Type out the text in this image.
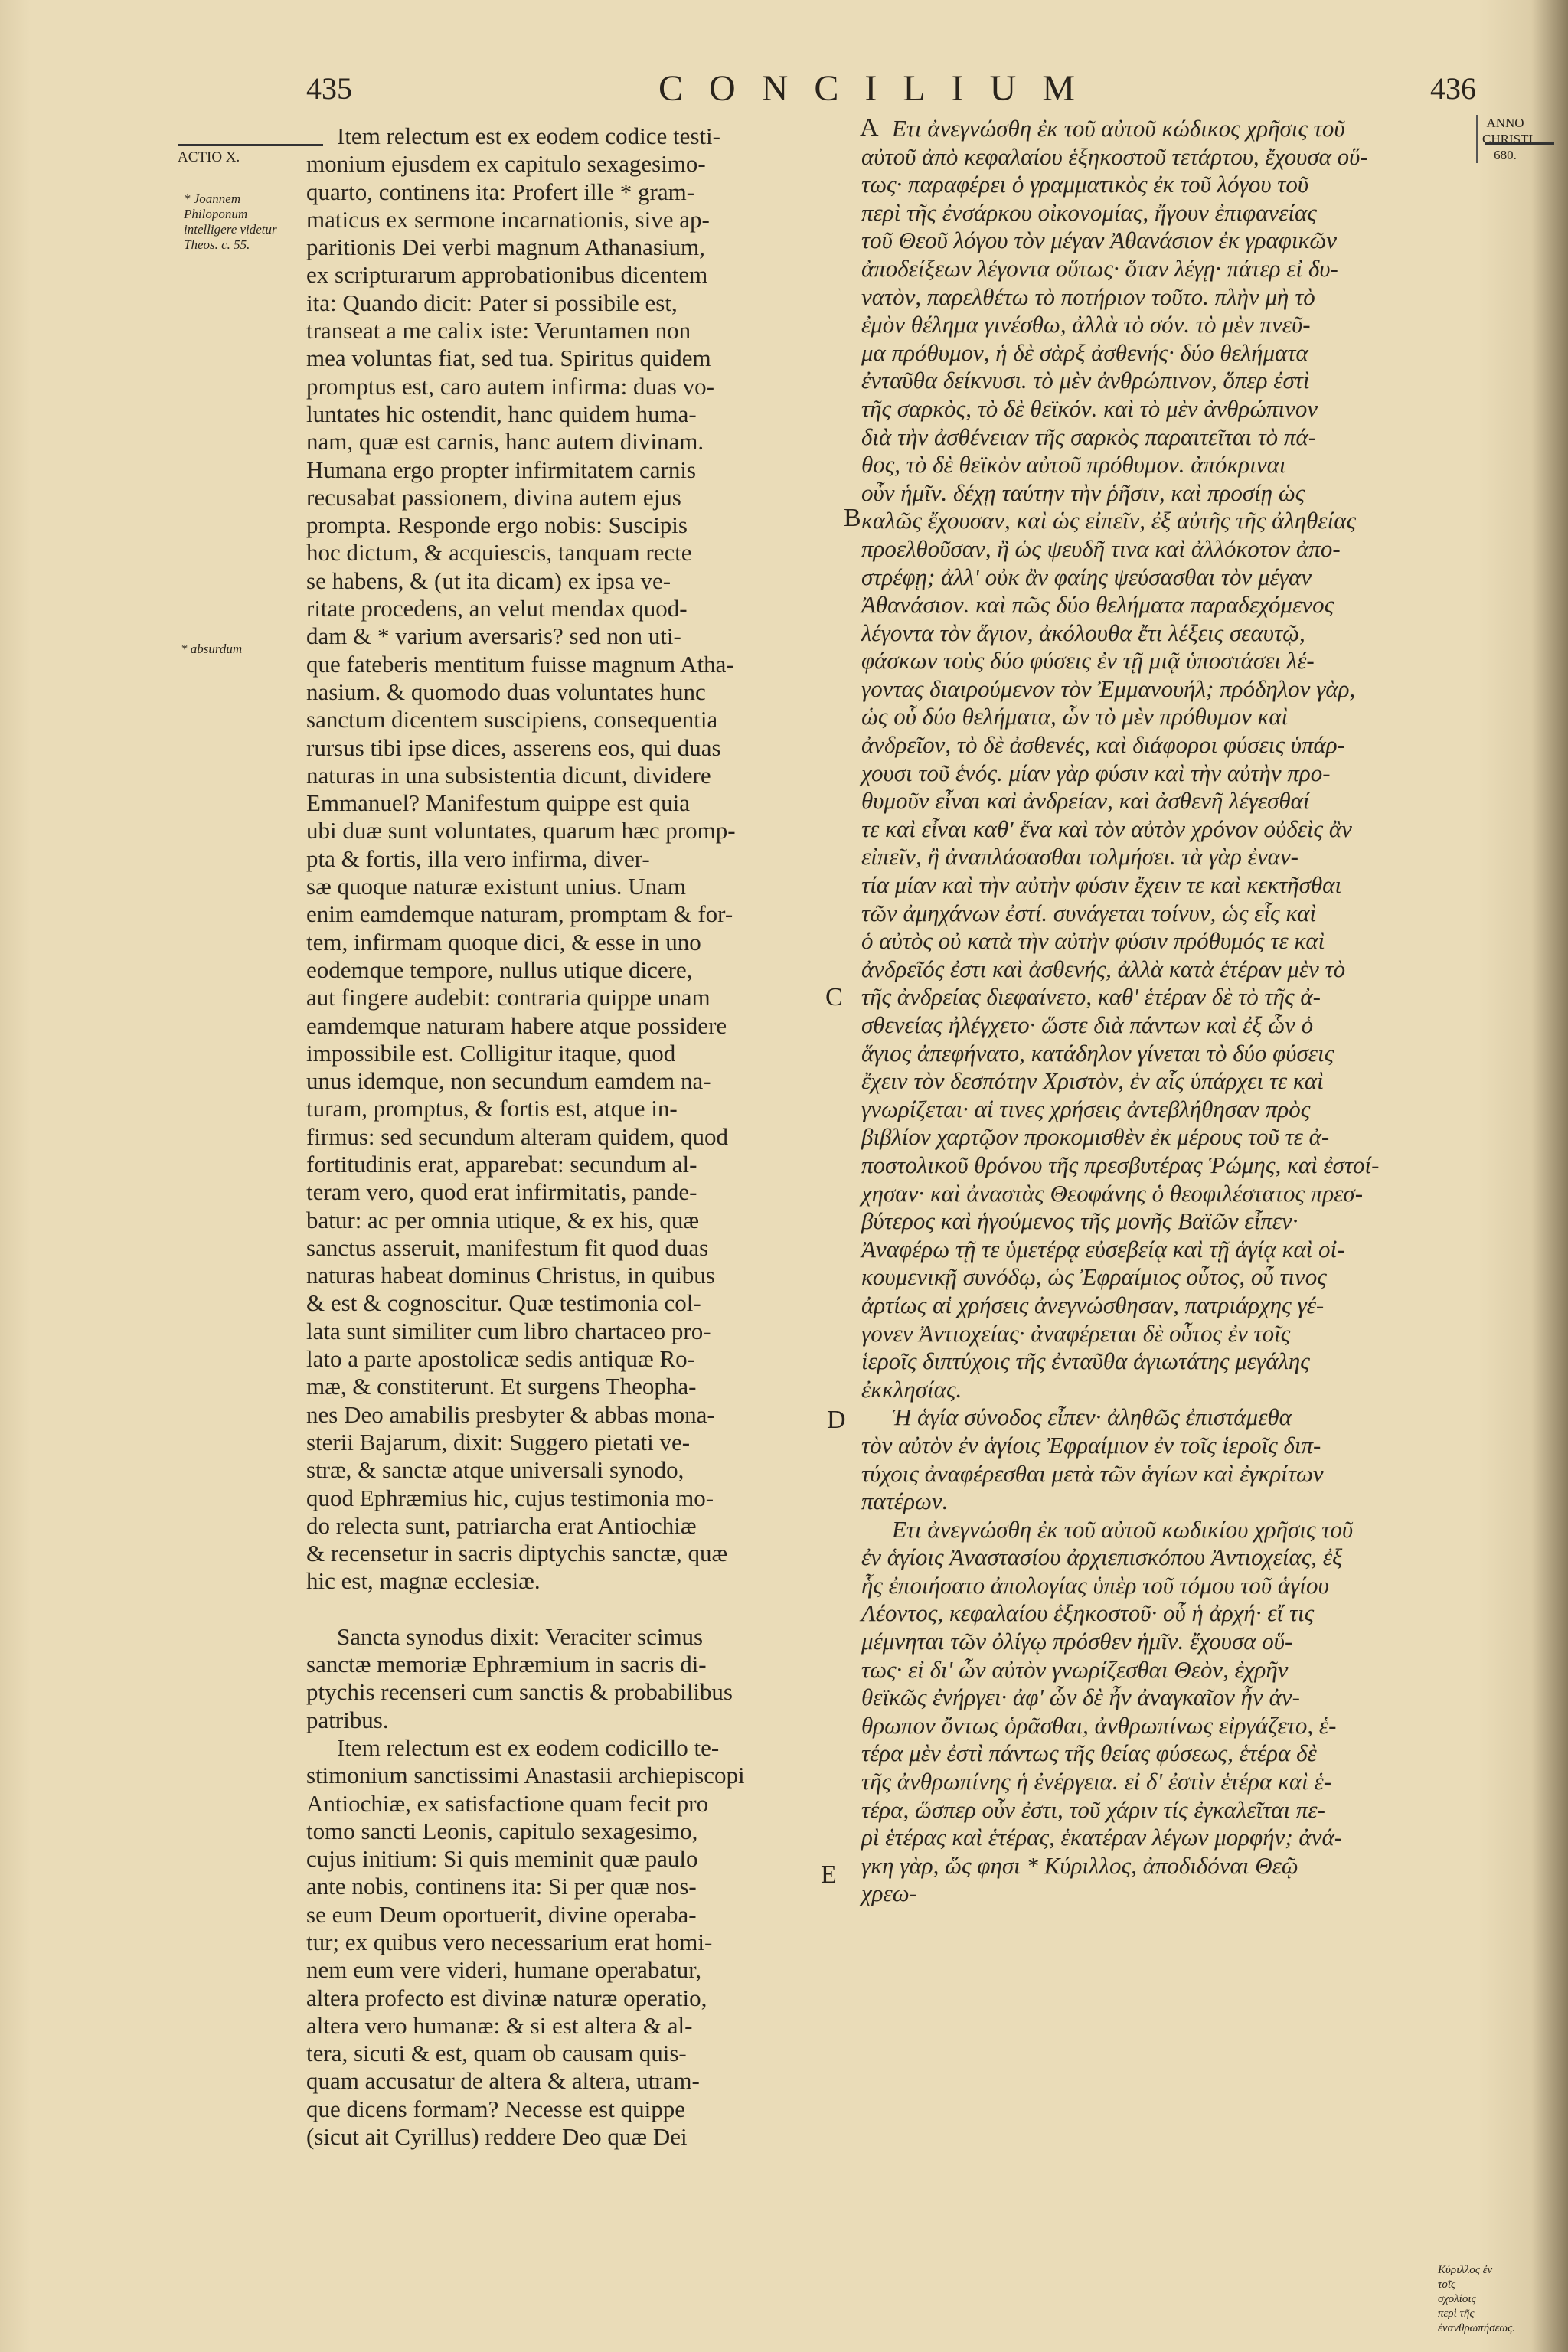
435	CONCILIUM	436
ANNO CHRISTI 680.
ACTIO X.
* Joannem Philoponum intelligere videtur Theos. c. 55.
* absurdum
Κύριλλος ἐν τοῖς σχολίοις περὶ τῆς ἐνανθρωπήσεως.
A
B
C
D
E

Item relectum est ex eodem codice testi-

monium ejusdem ex capitulo sexagesimo-

quarto, continens ita: Profert ille * gram-

maticus ex sermone incarnationis, sive ap-

paritionis Dei verbi magnum Athanasium,

ex scripturarum approbationibus dicentem

ita: Quando dicit: Pater si possibile est,

transeat a me calix iste: Veruntamen non

mea voluntas fiat, sed tua. Spiritus quidem

promptus est, caro autem infirma: duas vo-

luntates hic ostendit, hanc quidem huma-

nam, quæ est carnis, hanc autem divinam.

Humana ergo propter infirmitatem carnis

recusabat passionem, divina autem ejus

prompta. Responde ergo nobis: Suscipis

hoc dictum, & acquiescis, tanquam recte

se habens, & (ut ita dicam) ex ipsa ve-

ritate procedens, an velut mendax quod-

dam & * varium aversaris? sed non uti-

que fateberis mentitum fuisse magnum Atha-

nasium. & quomodo duas voluntates hunc

sanctum dicentem suscipiens, consequentia

rursus tibi ipse dices, asserens eos, qui duas

naturas in una subsistentia dicunt, dividere

Emmanuel? Manifestum quippe est quia

ubi duæ sunt voluntates, quarum hæc promp-

pta & fortis, illa vero infirma, diver-

sæ quoque naturæ existunt unius. Unam

enim eamdemque naturam, promptam & for-

tem, infirmam quoque dici, & esse in uno

eodemque tempore, nullus utique dicere,

aut fingere audebit: contraria quippe unam

eamdemque naturam habere atque possidere

impossibile est. Colligitur itaque, quod

unus idemque, non secundum eamdem na-

turam, promptus, & fortis est, atque in-

firmus: sed secundum alteram quidem, quod

fortitudinis erat, apparebat: secundum al-

teram vero, quod erat infirmitatis, pande-

batur: ac per omnia utique, & ex his, quæ

sanctus asseruit, manifestum fit quod duas

naturas habeat dominus Christus, in quibus

& est & cognoscitur. Quæ testimonia col-

lata sunt similiter cum libro chartaceo pro-

lato a parte apostolicæ sedis antiquæ Ro-

mæ, & constiterunt. Et surgens Theopha-

nes Deo amabilis presbyter & abbas mona-

sterii Bajarum, dixit: Suggero pietati ve-

stræ, & sanctæ atque universali synodo,

quod Ephræmius hic, cujus testimonia mo-

do relecta sunt, patriarcha erat Antiochiæ

& recensetur in sacris diptychis sanctæ, quæ

hic est, magnæ ecclesiæ.

Sancta synodus dixit: Veraciter scimus

sanctæ memoriæ Ephræmium in sacris di-

ptychis recenseri cum sanctis & probabilibus

patribus.

Item relectum est ex eodem codicillo te-

stimonium sanctissimi Anastasii archiepiscopi

Antiochiæ, ex satisfactione quam fecit pro

tomo sancti Leonis, capitulo sexagesimo,

cujus initium: Si quis meminit quæ paulo

ante nobis, continens ita: Si per quæ nos-

se eum Deum oportuerit, divine operaba-

tur; ex quibus vero necessarium erat homi-

nem eum vere videri, humane operabatur,

altera profecto est divinæ naturæ operatio,

altera vero humanæ: & si est altera & al-

tera, sicuti & est, quam ob causam quis-

quam accusatur de altera & altera, utram-

que dicens formam? Necesse est quippe

(sicut ait Cyrillus) reddere Deo quæ Dei

Ετι ἀνεγνώσθη ἐκ τοῦ αὐτοῦ κώδικος χρῆσις τοῦ

αὐτοῦ ἀπὸ κεφαλαίου ἑξηκοστοῦ τετάρτου, ἔχουσα οὕ-

τως· παραφέρει ὁ γραμματικὸς ἐκ τοῦ λόγου τοῦ

περὶ τῆς ἐνσάρκου οἰκονομίας, ἤγουν ἐπιφανείας

τοῦ Θεοῦ λόγου τὸν μέγαν Ἀθανάσιον ἐκ γραφικῶν

ἀποδείξεων λέγοντα οὕτως· ὅταν λέγῃ· πάτερ εἰ δυ-

νατὸν, παρελθέτω τὸ ποτήριον τοῦτο. πλὴν μὴ τὸ

ἐμὸν θέλημα γινέσθω, ἀλλὰ τὸ σόν. τὸ μὲν πνεῦ-

μα πρόθυμον, ἡ δὲ σὰρξ ἀσθενής· δύο θελήματα

ἐνταῦθα δείκνυσι. τὸ μὲν ἀνθρώπινον, ὅπερ ἐστὶ

τῆς σαρκὸς, τὸ δὲ θεϊκόν. καὶ τὸ μὲν ἀνθρώπινον

διὰ τὴν ἀσθένειαν τῆς σαρκὸς παραιτεῖται τὸ πά-

θος, τὸ δὲ θεϊκὸν αὐτοῦ πρόθυμον. ἀπόκριναι

οὖν ἡμῖν. δέχῃ ταύτην τὴν ῥῆσιν, καὶ προσίῃ ὡς

καλῶς ἔχουσαν, καὶ ὡς εἰπεῖν, ἐξ αὐτῆς τῆς ἀληθείας

προελθοῦσαν, ἢ ὡς ψευδῆ τινα καὶ ἀλλόκοτον ἀπο-

στρέφῃ; ἀλλ' οὐκ ἂν φαίης ψεύσασθαι τὸν μέγαν

Ἀθανάσιον. καὶ πῶς δύο θελήματα παραδεχόμενος

λέγοντα τὸν ἅγιον, ἀκόλουθα ἔτι λέξεις σεαυτῷ,

φάσκων τοὺς δύο φύσεις ἐν τῇ μιᾷ ὑποστάσει λέ-

γοντας διαιρούμενον τὸν Ἐμμανουήλ; πρόδηλον γὰρ,

ὡς οὗ δύο θελήματα, ὧν τὸ μὲν πρόθυμον καὶ

ἀνδρεῖον, τὸ δὲ ἀσθενές, καὶ διάφοροι φύσεις ὑπάρ-

χουσι τοῦ ἑνός. μίαν γὰρ φύσιν καὶ τὴν αὐτὴν προ-

θυμοῦν εἶναι καὶ ἀνδρείαν, καὶ ἀσθενῆ λέγεσθαί

τε καὶ εἶναι καθ' ἕνα καὶ τὸν αὐτὸν χρόνον οὐδεὶς ἂν

εἰπεῖν, ἢ ἀναπλάσασθαι τολμήσει. τὰ γὰρ ἐναν-

τία μίαν καὶ τὴν αὐτὴν φύσιν ἔχειν τε καὶ κεκτῆσθαι

τῶν ἀμηχάνων ἐστί. συνάγεται τοίνυν, ὡς εἷς καὶ

ὁ αὐτὸς οὐ κατὰ τὴν αὐτὴν φύσιν πρόθυμός τε καὶ

ἀνδρεῖός ἐστι καὶ ἀσθενής, ἀλλὰ κατὰ ἑτέραν μὲν τὸ

τῆς ἀνδρείας διεφαίνετο, καθ' ἑτέραν δὲ τὸ τῆς ἀ-

σθενείας ἠλέγχετο· ὥστε διὰ πάντων καὶ ἐξ ὧν ὁ

ἅγιος ἀπεφήνατο, κατάδηλον γίνεται τὸ δύο φύσεις

ἔχειν τὸν δεσπότην Χριστὸν, ἐν αἷς ὑπάρχει τε καὶ

γνωρίζεται· αἱ τινες χρήσεις ἀντεβλήθησαν πρὸς

βιβλίον χαρτῷον προκομισθὲν ἐκ μέρους τοῦ τε ἀ-

ποστολικοῦ θρόνου τῆς πρεσβυτέρας Ῥώμης, καὶ ἐστοί-

χησαν· καὶ ἀναστὰς Θεοφάνης ὁ θεοφιλέστατος πρεσ-

βύτερος καὶ ἡγούμενος τῆς μονῆς Βαϊῶν εἶπεν·

Ἀναφέρω τῇ τε ὑμετέρᾳ εὐσεβείᾳ καὶ τῇ ἁγίᾳ καὶ οἰ-

κουμενικῇ συνόδῳ, ὡς Ἐφραίμιος οὗτος, οὗ τινος

ἀρτίως αἱ χρήσεις ἀνεγνώσθησαν, πατριάρχης γέ-

γονεν Ἀντιοχείας· ἀναφέρεται δὲ οὗτος ἐν τοῖς

ἱεροῖς διπτύχοις τῆς ἐνταῦθα ἁγιωτάτης μεγάλης

ἐκκλησίας.

Ἡ ἁγία σύνοδος εἶπεν· ἀληθῶς ἐπιστάμεθα

τὸν αὐτὸν ἐν ἁγίοις Ἐφραίμιον ἐν τοῖς ἱεροῖς διπ-

τύχοις ἀναφέρεσθαι μετὰ τῶν ἁγίων καὶ ἐγκρίτων

πατέρων.

Ετι ἀνεγνώσθη ἐκ τοῦ αὐτοῦ κωδικίου χρῆσις τοῦ

ἐν ἁγίοις Ἀναστασίου ἀρχιεπισκόπου Ἀντιοχείας, ἐξ

ἧς ἐποιήσατο ἀπολογίας ὑπὲρ τοῦ τόμου τοῦ ἁγίου

Λέοντος, κεφαλαίου ἑξηκοστοῦ· οὗ ἡ ἀρχή· εἴ τις

μέμνηται τῶν ὀλίγῳ πρόσθεν ἡμῖν. ἔχουσα οὕ-

τως· εἰ δι' ὧν αὐτὸν γνωρίζεσθαι Θεὸν, ἐχρῆν

θεϊκῶς ἐνήργει· ἀφ' ὧν δὲ ἦν ἀναγκαῖον ἦν ἀν-

θρωπον ὄντως ὁρᾶσθαι, ἀνθρωπίνως εἰργάζετο, ἑ-

τέρα μὲν ἐστὶ πάντως τῆς θείας φύσεως, ἑτέρα δὲ

τῆς ἀνθρωπίνης ἡ ἐνέργεια. εἰ δ' ἐστὶν ἑτέρα καὶ ἑ-

τέρα, ὥσπερ οὖν ἐστι, τοῦ χάριν τίς ἐγκαλεῖται πε-

ρὶ ἑτέρας καὶ ἑτέρας, ἑκατέραν λέγων μορφήν; ἀνά-

γκη γὰρ, ὥς φησι * Κύριλλος, ἀποδιδόναι Θεῷ

χρεω-
